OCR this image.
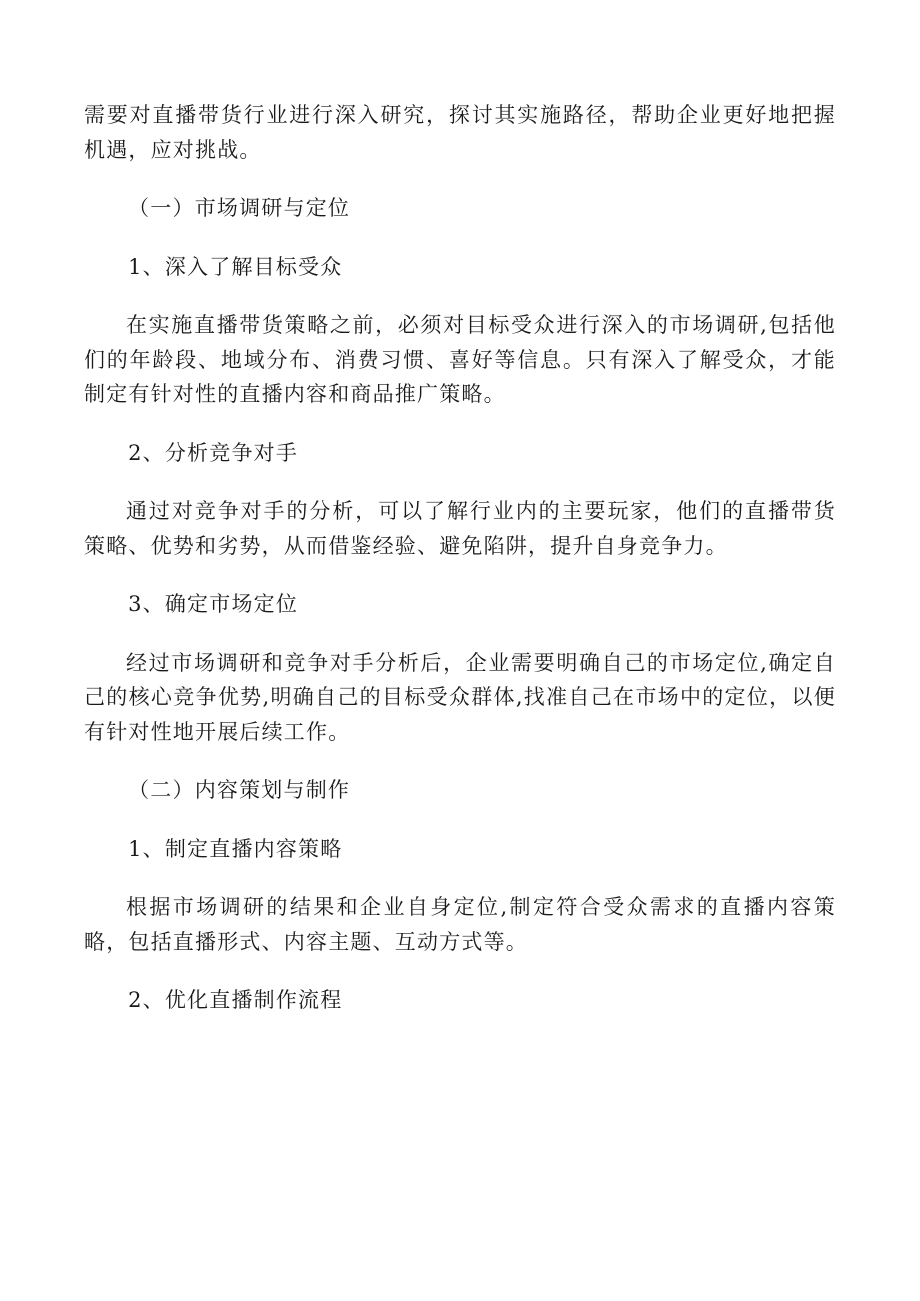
需要对直播带货行业进行深入研究，探讨其实施路径，帮助企业更好地把握机遇，应对挑战。

（一）市场调研与定位

1、深入了解目标受众

在实施直播带货策略之前，必须对目标受众进行深入的市场调研,包括他们的年龄段、地域分布、消费习惯、喜好等信息。只有深入了解受众，才能制定有针对性的直播内容和商品推广策略。

2、分析竞争对手

通过对竞争对手的分析，可以了解行业内的主要玩家，他们的直播带货策略、优势和劣势，从而借鉴经验、避免陷阱，提升自身竞争力。

3、确定市场定位

经过市场调研和竞争对手分析后，企业需要明确自己的市场定位,确定自己的核心竞争优势,明确自己的目标受众群体,找准自己在市场中的定位，以便有针对性地开展后续工作。

（二）内容策划与制作

1、制定直播内容策略

根据市场调研的结果和企业自身定位,制定符合受众需求的直播内容策略，包括直播形式、内容主题、互动方式等。

2、优化直播制作流程
